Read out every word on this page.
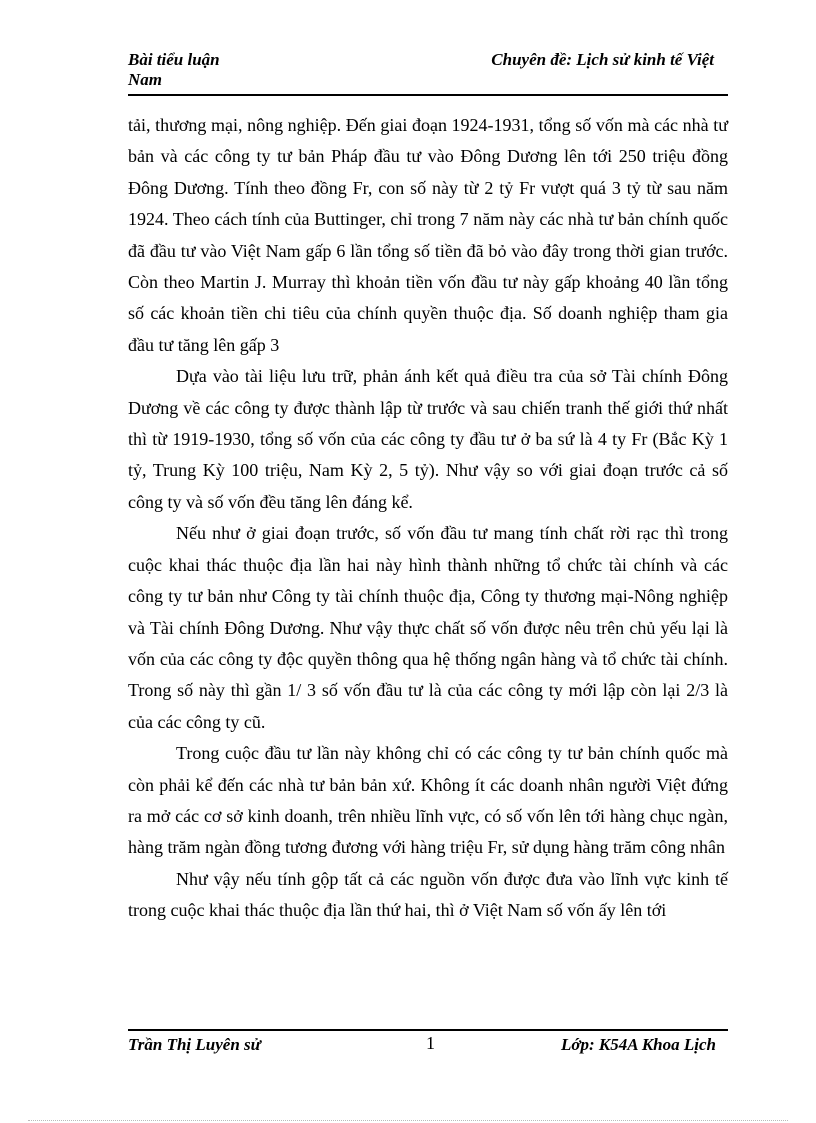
Bài tiểu luận Nam
Chuyên đề: Lịch sử kinh tế Việt

tải, thương mại, nông nghiệp. Đến giai đoạn 1924-1931, tổng số vốn mà các nhà tư bản và các công ty tư bản Pháp đầu tư vào Đông Dương lên tới 250 triệu đồng Đông Dương. Tính theo đồng Fr, con số này từ 2 tỷ Fr vượt quá 3 tỷ từ sau năm 1924. Theo cách tính của Buttinger, chỉ trong 7 năm này các nhà tư bản chính quốc đã đầu tư vào Việt Nam gấp 6 lần tổng số tiền đã bỏ vào đây trong thời gian trước. Còn theo Martin J. Murray thì khoản tiền vốn đầu tư này gấp khoảng 40 lần tổng số các khoản tiền chi tiêu của chính quyền thuộc địa. Số doanh nghiệp tham gia đầu tư tăng lên gấp 3

Dựa vào tài liệu lưu trữ, phản ánh kết quả điều tra của sở Tài chính Đông Dương về các công ty được thành lập từ trước và sau chiến tranh thế giới thứ nhất thì từ 1919-1930, tổng số vốn của các công ty đầu tư ở ba sứ là 4 ty Fr (Bắc Kỳ 1 tỷ, Trung Kỳ 100 triệu, Nam Kỳ 2, 5 tỷ). Như vậy so với giai đoạn trước cả số công ty và số vốn đều tăng lên đáng kể.

Nếu như ở giai đoạn trước, số vốn đầu tư mang tính chất rời rạc thì trong cuộc khai thác thuộc địa lần hai này hình thành những tổ chức tài chính và các công ty tư bản như Công ty tài chính thuộc địa, Công ty thương mại-Nông nghiệp và Tài chính Đông Dương. Như vậy thực chất số vốn được nêu trên chủ yếu lại là vốn của các công ty độc quyền thông qua hệ thống ngân hàng và tổ chức tài chính. Trong số này thì gần 1/ 3 số vốn đầu tư là của các công ty mới lập còn lại 2/3 là của các công ty cũ.

Trong cuộc đầu tư lần này không chỉ có các công ty tư bản chính quốc mà còn phải kể đến các nhà tư bản bản xứ. Không ít các doanh nhân người Việt đứng ra mở các cơ sở kinh doanh, trên nhiều lĩnh vực, có số vốn lên tới hàng chục ngàn, hàng trăm ngàn đồng tương đương với hàng triệu Fr, sử dụng hàng trăm công nhân

Như vậy nếu tính gộp tất cả các nguồn vốn được đưa vào lĩnh vực kinh tế trong cuộc khai thác thuộc địa lần thứ hai, thì ở Việt Nam số vốn ấy lên tới

Trần Thị Luyên sử	1	Lớp: K54A Khoa Lịch
